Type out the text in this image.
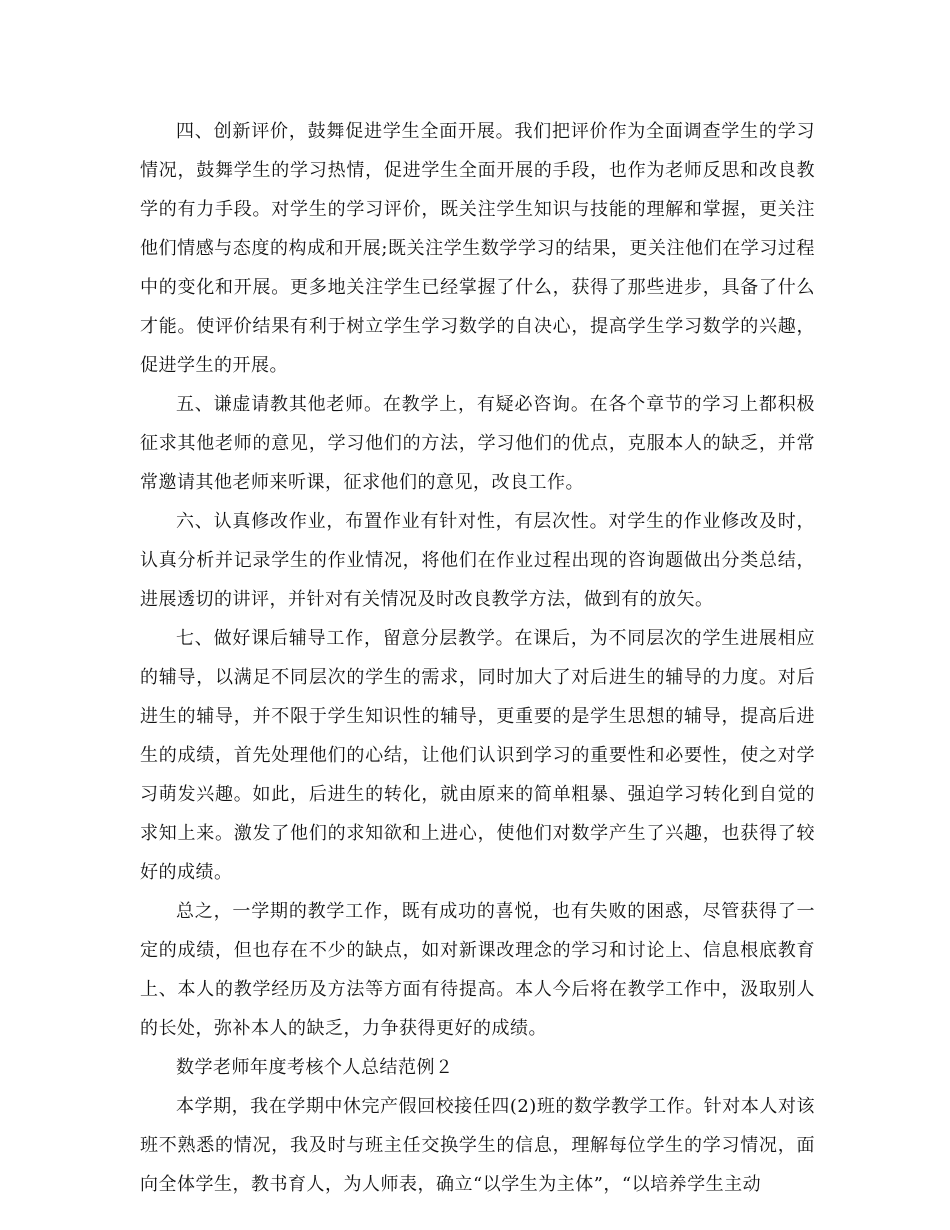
四、创新评价，鼓舞促进学生全面开展。我们把评价作为全面调查学生的学习情况，鼓舞学生的学习热情，促进学生全面开展的手段，也作为老师反思和改良教学的有力手段。对学生的学习评价，既关注学生知识与技能的理解和掌握，更关注他们情感与态度的构成和开展;既关注学生数学学习的结果，更关注他们在学习过程中的变化和开展。更多地关注学生已经掌握了什么，获得了那些进步，具备了什么才能。使评价结果有利于树立学生学习数学的自决心，提高学生学习数学的兴趣，促进学生的开展。

五、谦虚请教其他老师。在教学上，有疑必咨询。在各个章节的学习上都积极征求其他老师的意见，学习他们的方法，学习他们的优点，克服本人的缺乏，并常常邀请其他老师来听课，征求他们的意见，改良工作。

六、认真修改作业，布置作业有针对性，有层次性。对学生的作业修改及时，认真分析并记录学生的作业情况，将他们在作业过程出现的咨询题做出分类总结，进展透切的讲评，并针对有关情况及时改良教学方法，做到有的放矢。

七、做好课后辅导工作，留意分层教学。在课后，为不同层次的学生进展相应的辅导，以满足不同层次的学生的需求，同时加大了对后进生的辅导的力度。对后进生的辅导，并不限于学生知识性的辅导，更重要的是学生思想的辅导，提高后进生的成绩，首先处理他们的心结，让他们认识到学习的重要性和必要性，使之对学习萌发兴趣。如此，后进生的转化，就由原来的简单粗暴、强迫学习转化到自觉的求知上来。激发了他们的求知欲和上进心，使他们对数学产生了兴趣，也获得了较好的成绩。

总之，一学期的教学工作，既有成功的喜悦，也有失败的困惑，尽管获得了一定的成绩，但也存在不少的缺点，如对新课改理念的学习和讨论上、信息根底教育上、本人的教学经历及方法等方面有待提高。本人今后将在教学工作中，汲取别人的长处，弥补本人的缺乏，力争获得更好的成绩。

数学老师年度考核个人总结范例２

本学期，我在学期中休完产假回校接任四(2)班的数学教学工作。针对本人对该班不熟悉的情况，我及时与班主任交换学生的信息，理解每位学生的学习情况，面向全体学生，教书育人，为人师表，确立“以学生为主体”，“以培养学生主动
